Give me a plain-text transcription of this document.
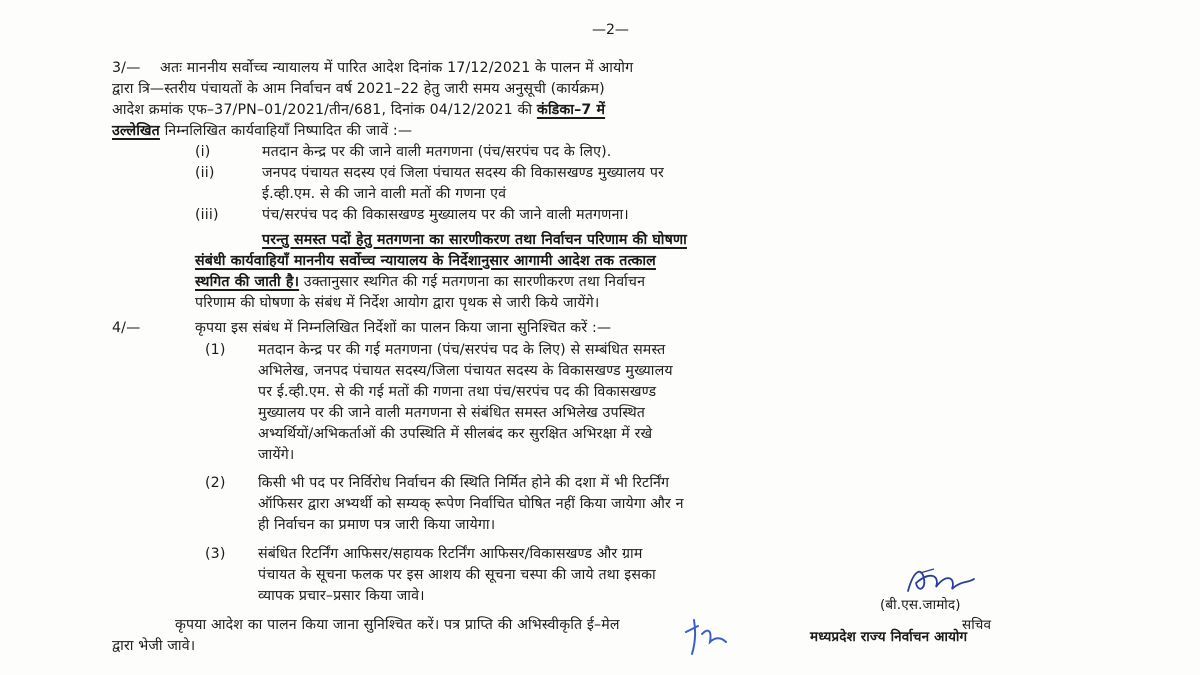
—2—
3/— अतः माननीय सर्वोच्च न्यायालय में पारित आदेश दिनांक 17/12/2021 के पालन में आयोग
द्वारा त्रि—स्तरीय पंचायतों के आम निर्वाचन वर्ष 2021–22 हेतु जारी समय अनुसूची (कार्यक्रम)
आदेश क्रमांक एफ–37/PN–01/2021/तीन/681, दिनांक 04/12/2021 की कंडिका–7 में
उल्लेखित निम्नलिखित कार्यवाहियाँ निष्पादित की जावें :—
(i)	मतदान केन्द्र पर की जाने वाली मतगणना (पंच/सरपंच पद के लिए).
(ii)	जनपद पंचायत सदस्य एवं जिला पंचायत सदस्य की विकासखण्ड मुख्यालय पर
ई.व्ही.एम. से की जाने वाली मतों की गणना एवं
(iii)	पंच/सरपंच पद की विकासखण्ड मुख्यालय पर की जाने वाली मतगणना।
परन्तु समस्त पदों हेतु मतगणना का सारणीकरण तथा निर्वाचन परिणाम की घोषणा
संबंधी कार्यवाहियाँ माननीय सर्वोच्च न्यायालय के निर्देशानुसार आगामी आदेश तक तत्काल
स्थगित की जाती है। उक्तानुसार स्थगित की गई मतगणना का सारणीकरण तथा निर्वाचन
परिणाम की घोषणा के संबंध में निर्देश आयोग द्वारा पृथक से जारी किये जायेंगे।
4/—	कृपया इस संबंध में निम्नलिखित निर्देशों का पालन किया जाना सुनिश्चित करें :—
(1) मतदान केन्द्र पर की गई मतगणना (पंच/सरपंच पद के लिए) से सम्बंधित समस्त
अभिलेख, जनपद पंचायत सदस्य/जिला पंचायत सदस्य के विकासखण्ड मुख्यालय
पर ई.व्ही.एम. से की गई मतों की गणना तथा पंच/सरपंच पद की विकासखण्ड
मुख्यालय पर की जाने वाली मतगणना से संबंधित समस्त अभिलेख उपस्थित
अभ्यर्थियों/अभिकर्ताओं की उपस्थिति में सीलबंद कर सुरक्षित अभिरक्षा में रखे
जायेंगे।
(2) किसी भी पद पर निर्विरोध निर्वाचन की स्थिति निर्मित होने की दशा में भी रिटर्निंग
ऑफिसर द्वारा अभ्यर्थी को सम्यक् रूपेण निर्वाचित घोषित नहीं किया जायेगा और न
ही निर्वाचन का प्रमाण पत्र जारी किया जायेगा।
(3) संबंधित रिटर्निंग आफिसर/सहायक रिटर्निंग आफिसर/विकासखण्ड और ग्राम
पंचायत के सूचना फलक पर इस आशय की सूचना चस्पा की जाये तथा इसका
व्यापक प्रचार–प्रसार किया जावे।
कृपया आदेश का पालन किया जाना सुनिश्चित करें। पत्र प्राप्ति की अभिस्वीकृति ई–मेल
द्वारा भेजी जावे।
(बी.एस.जामोद)
सचिव
मध्यप्रदेश राज्य निर्वाचन आयोग
